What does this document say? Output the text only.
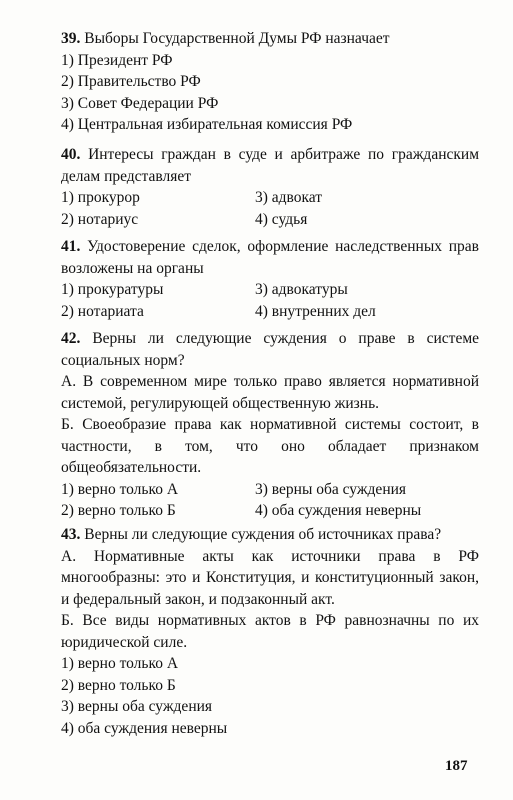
39. Выборы Государственной Думы РФ назначает

1) Президент РФ

2) Правительство РФ

3) Совет Федерации РФ

4) Центральная избирательная комиссия РФ

40. Интересы граждан в суде и арбитраже по гражданским делам представляет

1) прокурор	3) адвокат
2) нотариус	4) судья

41. Удостоверение сделок, оформление наследственных прав возложены на органы

1) прокуратуры	3) адвокатуры
2) нотариата	4) внутренних дел

42. Верны ли следующие суждения о праве в системе социальных норм?

А. В современном мире только право является нормативной системой, регулирующей общественную жизнь.

Б. Своеобразие права как нормативной системы состоит, в частности, в том, что оно обладает признаком общеобязательности.

1) верно только А	3) верны оба суждения
2) верно только Б	4) оба суждения неверны

43. Верны ли следующие суждения об источниках права?

А. Нормативные акты как источники права в РФ многообразны: это и Конституция, и конституционный закон, и федеральный закон, и подзаконный акт.

Б. Все виды нормативных актов в РФ равнозначны по их юридической силе.

1) верно только А

2) верно только Б

3) верны оба суждения

4) оба суждения неверны

187
